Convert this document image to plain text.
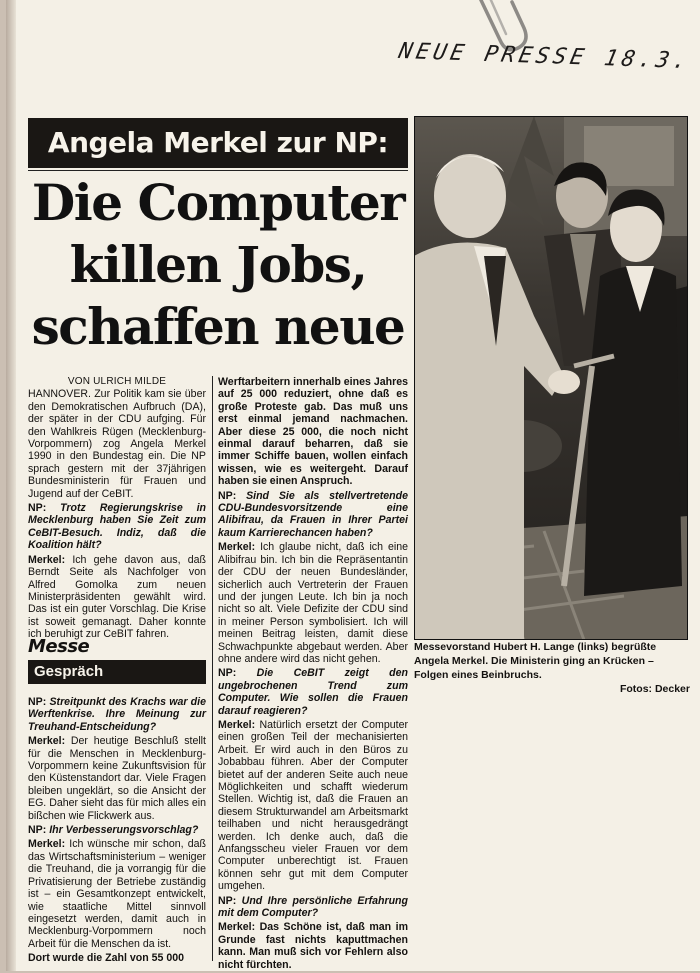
NEUE PRESSE 18.3.
Angela Merkel zur NP:
Die Computer
killen Jobs,
schaffen neue
Messevorstand Hubert H. Lange (links) begrüßte Angela Merkel. Die Ministerin ging an Krücken – Folgen eines Beinbruchs.
Fotos: Decker
VON ULRICH MILDE

HANNOVER. Zur Politik kam sie über den Demokratischen Aufbruch (DA), der später in der CDU aufging. Für den Wahlkreis Rügen (Mecklenburg-Vorpommern) zog Angela Merkel 1990 in den Bundestag ein. Die NP sprach gestern mit der 37jährigen Bundesministerin für Frauen und Jugend auf der CeBIT.

NP: Trotz Regierungskrise in Mecklenburg haben Sie Zeit zum CeBIT-Besuch. Indiz, daß die Koalition hält?

Merkel: Ich gehe davon aus, daß Berndt Seite als Nachfolger von Alfred Gomolka zum neuen Ministerpräsidenten gewählt wird. Das ist ein guter Vorschlag. Die Krise ist soweit gemanagt. Daher konnte ich beruhigt zur CeBIT fahren.

Messe
Gespräch

NP: Streitpunkt des Krachs war die Werftenkrise. Ihre Meinung zur Treuhand-Entscheidung?

Merkel: Der heutige Beschluß stellt für die Menschen in Mecklenburg-Vorpommern keine Zukunftsvision für den Küstenstandort dar. Viele Fragen bleiben ungeklärt, so die Ansicht der EG. Daher sieht das für mich alles ein bißchen wie Flickwerk aus.

NP: Ihr Verbesserungsvorschlag?

Merkel: Ich wünsche mir schon, daß das Wirtschaftsministerium – weniger die Treuhand, die ja vorrangig für die Privatisierung der Betriebe zuständig ist – ein Gesamtkonzept entwickelt, wie staatliche Mittel sinnvoll eingesetzt werden, damit auch in Mecklenburg-Vorpommern noch Arbeit für die Menschen da ist.

Dort wurde die Zahl von 55 000

Werftarbeitern innerhalb eines Jahres auf 25 000 reduziert, ohne daß es große Proteste gab. Das muß uns erst einmal jemand nachmachen. Aber diese 25 000, die noch nicht einmal darauf beharren, daß sie immer Schiffe bauen, wollen einfach wissen, wie es weitergeht. Darauf haben sie einen Anspruch.

NP: Sind Sie als stellvertretende CDU-Bundesvorsitzende eine Alibifrau, da Frauen in Ihrer Partei kaum Karrierechancen haben?

Merkel: Ich glaube nicht, daß ich eine Alibifrau bin. Ich bin die Repräsentantin der CDU der neuen Bundesländer, sicherlich auch Vertreterin der Frauen und der jungen Leute. Ich bin ja noch nicht so alt. Viele Defizite der CDU sind in meiner Person symbolisiert. Ich will meinen Beitrag leisten, damit diese Schwachpunkte abgebaut werden. Aber ohne andere wird das nicht gehen.

NP: Die CeBIT zeigt den ungebrochenen Trend zum Computer. Wie sollen die Frauen darauf reagieren?

Merkel: Natürlich ersetzt der Computer einen großen Teil der mechanisierten Arbeit. Er wird auch in den Büros zu Jobabbau führen. Aber der Computer bietet auf der anderen Seite auch neue Möglichkeiten und schafft wiederum Stellen. Wichtig ist, daß die Frauen an diesem Strukturwandel am Arbeitsmarkt teilhaben und nicht herausgedrängt werden. Ich denke auch, daß die Anfangsscheu vieler Frauen vor dem Computer unberechtigt ist. Frauen können sehr gut mit dem Computer umgehen.

NP: Und Ihre persönliche Erfahrung mit dem Computer?

Merkel: Das Schöne ist, daß man im Grunde fast nichts kaputtmachen kann. Man muß sich vor Fehlern also nicht fürchten.
